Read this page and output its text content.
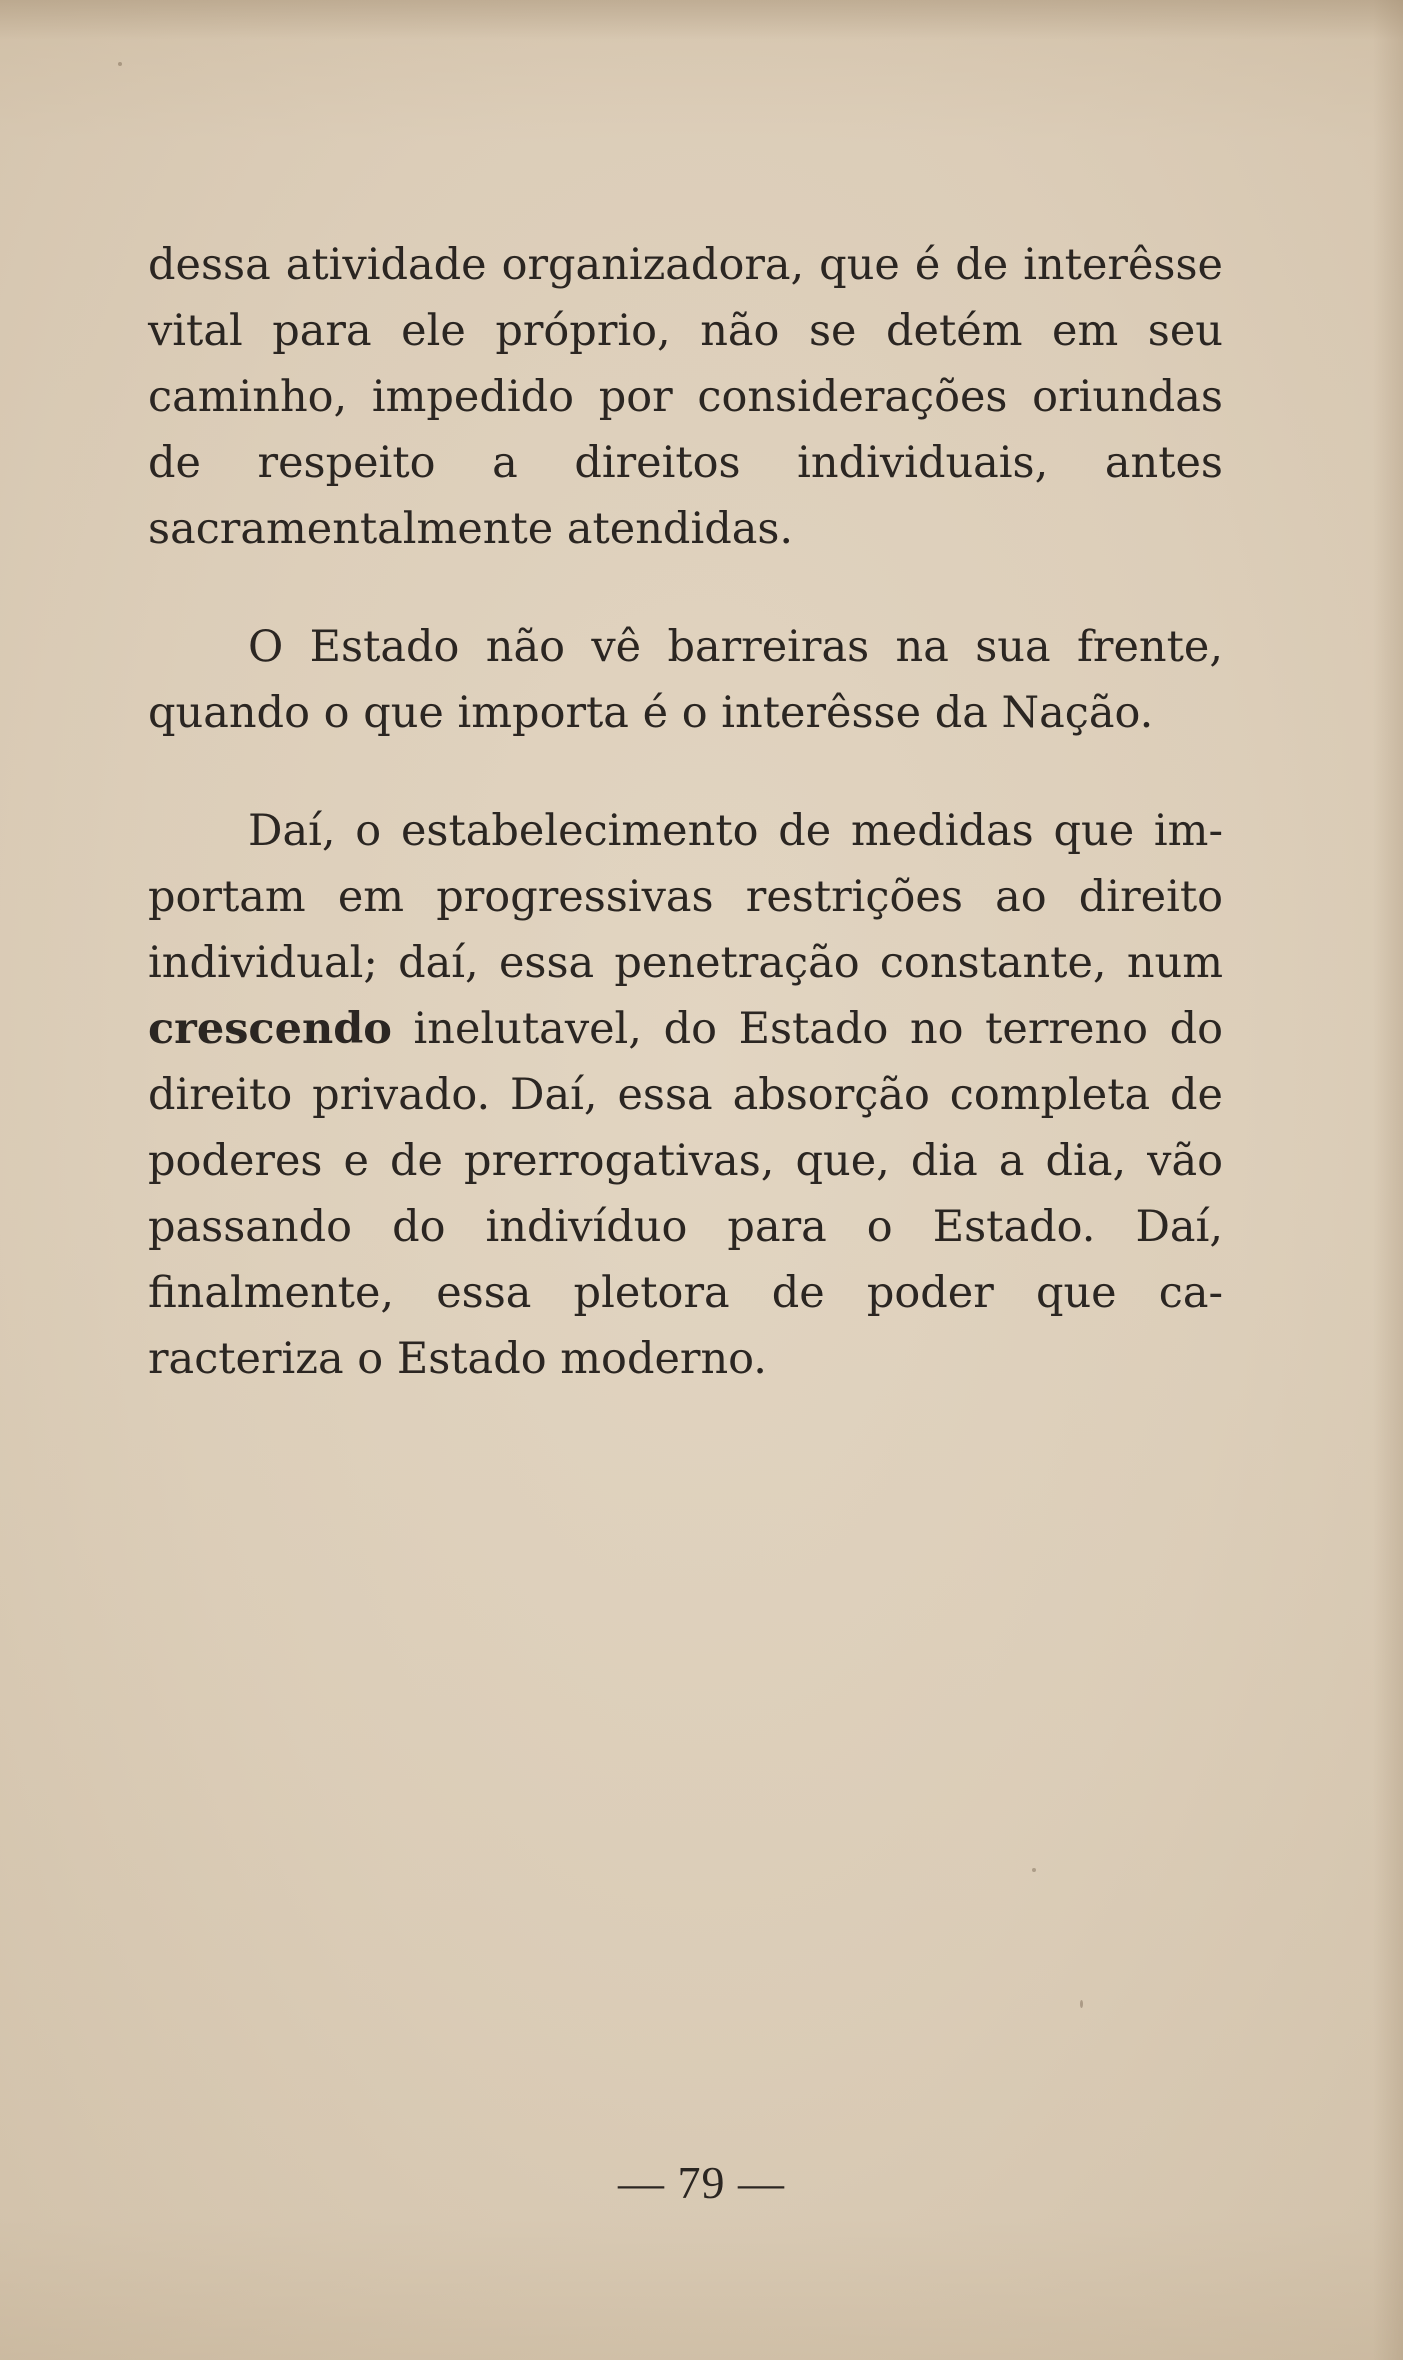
dessa atividade organizadora, que é de interêsse vital para ele próprio, não se detém em seu caminho, impedido por considerações oriundas de respeito a direitos individuais, antes sacramentalmente atendidas.

O Estado não vê barreiras na sua frente, quando o que importa é o interêsse da Nação.

Daí, o estabelecimento de medidas que importam em progressivas restrições ao direito individual; daí, essa penetração constante, num crescendo inelutavel, do Estado no terreno do direito privado. Daí, essa absorção completa de poderes e de prerrogativas, que, dia a dia, vão passando do indivíduo para o Estado. Daí, finalmente, essa pletora de poder que caracteriza o Estado moderno.

— 79 —
